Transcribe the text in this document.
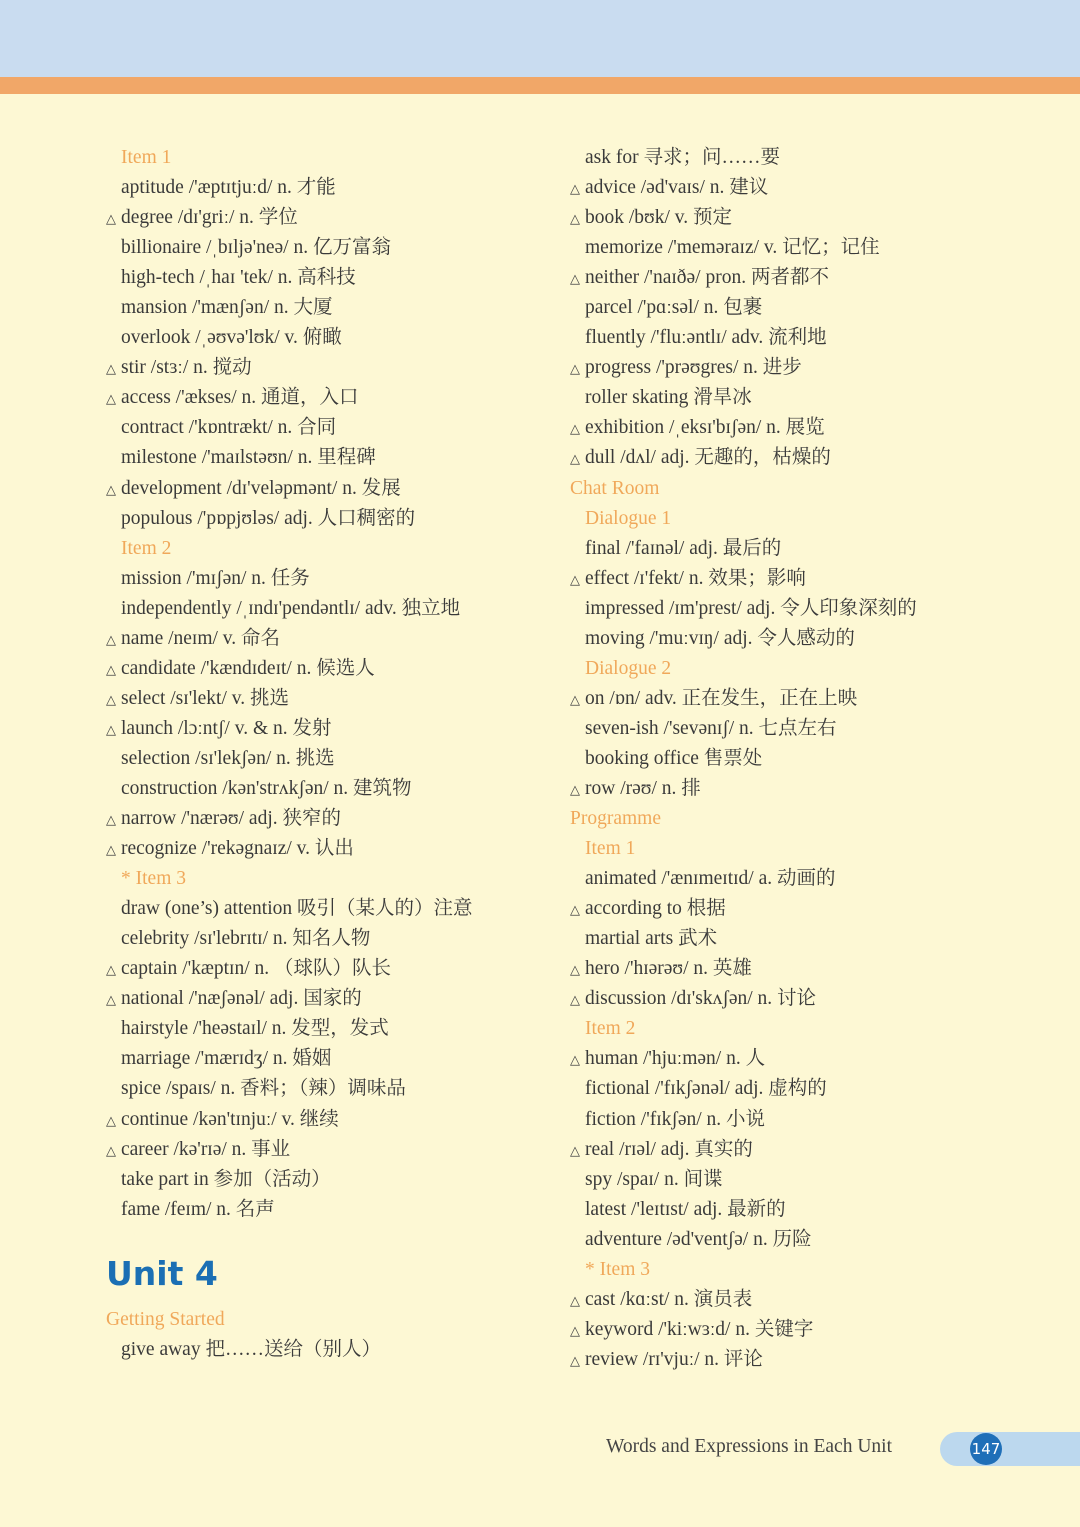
Item 1
aptitude /'æptɪtjuːd/ n. 才能
△ degree /dɪ'griː/ n. 学位
billionaire /ˌbɪljə'neə/ n. 亿万富翁
high-tech /ˌhaɪ 'tek/ n. 高科技
mansion /'mænʃən/ n. 大厦
overlook /ˌəʊvə'lʊk/ v. 俯瞰
△ stir /stɜː/ n. 搅动
△ access /'ækses/ n. 通道，入口
contract /'kɒntrækt/ n. 合同
milestone /'maɪlstəʊn/ n. 里程碑
△ development /dɪ'veləpmənt/ n. 发展
populous /'pɒpjʊləs/ adj. 人口稠密的
Item 2
mission /'mɪʃən/ n. 任务
independently /ˌɪndɪ'pendəntlɪ/ adv. 独立地
△ name /neɪm/ v. 命名
△ candidate /'kændɪdeɪt/ n. 候选人
△ select /sɪ'lekt/ v. 挑选
△ launch /lɔːntʃ/ v. & n. 发射
selection /sɪ'lekʃən/ n. 挑选
construction /kən'strʌkʃən/ n. 建筑物
△ narrow /'nærəʊ/ adj. 狭窄的
△ recognize /'rekəgnaɪz/ v. 认出
* Item 3
draw (one’s) attention 吸引（某人的）注意
celebrity /sɪ'lebrɪtɪ/ n. 知名人物
△ captain /'kæptɪn/ n. （球队）队长
△ national /'næʃənəl/ adj. 国家的
hairstyle /'heəstaɪl/ n. 发型，发式
marriage /'mærɪdʒ/ n. 婚姻
spice /spaɪs/ n. 香料；（辣）调味品
△ continue /kən'tɪnjuː/ v. 继续
△ career /kə'rɪə/ n. 事业
take part in 参加（活动）
fame /feɪm/ n. 名声
Unit 4
Getting Started
give away 把……送给（别人）
ask for 寻求；问……要
△ advice /əd'vaɪs/ n. 建议
△ book /bʊk/ v. 预定
memorize /'meməraɪz/ v. 记忆；记住
△ neither /'naɪðə/ pron. 两者都不
parcel /'pɑːsəl/ n. 包裹
fluently /'fluːəntlɪ/ adv. 流利地
△ progress /'prəʊgres/ n. 进步
roller skating 滑旱冰
△ exhibition /ˌeksɪ'bɪʃən/ n. 展览
△ dull /dʌl/ adj. 无趣的，枯燥的
Chat Room
Dialogue 1
final /'faɪnəl/ adj. 最后的
△ effect /ɪ'fekt/ n. 效果；影响
impressed /ɪm'prest/ adj. 令人印象深刻的
moving /'muːvɪŋ/ adj. 令人感动的
Dialogue 2
△ on /ɒn/ adv. 正在发生，正在上映
seven-ish /'sevənɪʃ/ n. 七点左右
booking office 售票处
△ row /rəʊ/ n. 排
Programme
Item 1
animated /'ænɪmeɪtɪd/ a. 动画的
△ according to 根据
martial arts 武术
△ hero /'hɪərəʊ/ n. 英雄
△ discussion /dɪ'skʌʃən/ n. 讨论
Item 2
△ human /'hjuːmən/ n. 人
fictional /'fɪkʃənəl/ adj. 虚构的
fiction /'fɪkʃən/ n. 小说
△ real /rɪəl/ adj. 真实的
spy /spaɪ/ n. 间谍
latest /'leɪtɪst/ adj. 最新的
adventure /əd'ventʃə/ n. 历险
* Item 3
△ cast /kɑːst/ n. 演员表
△ keyword /'kiːwɜːd/ n. 关键字
△ review /rɪ'vjuː/ n. 评论
Words and Expressions in Each Unit	147
